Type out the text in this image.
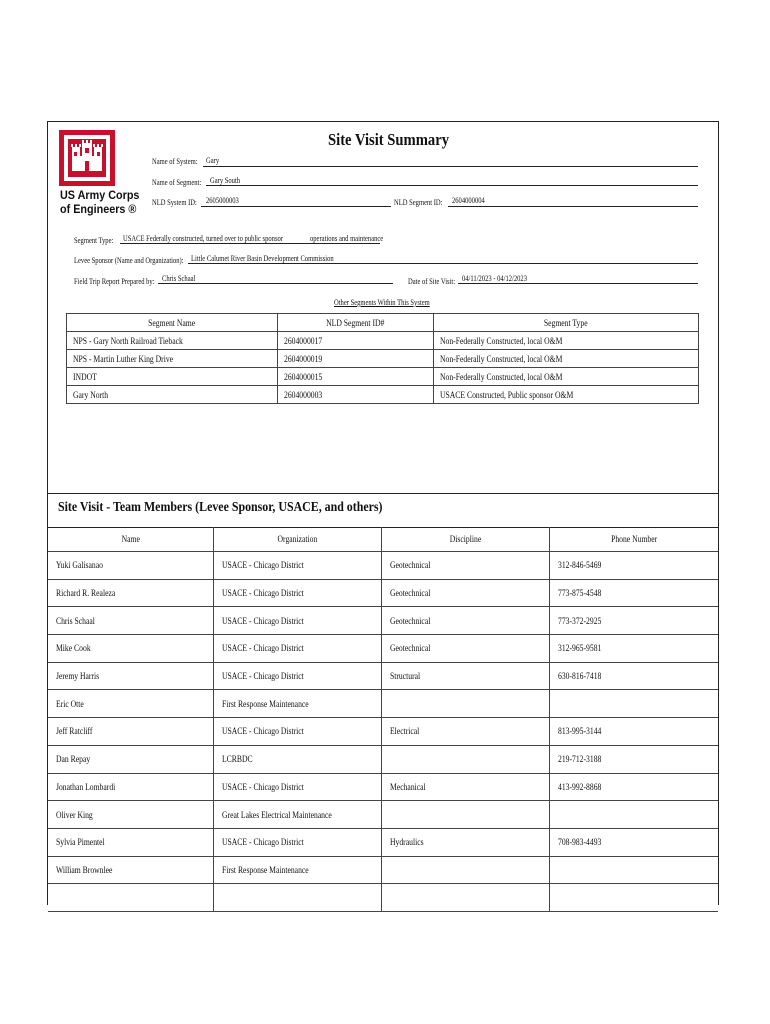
US Army Corps
of Engineers ®
Site Visit Summary
Name of System: Gary
Name of Segment: Gary South
NLD System ID: 2605000003	NLD Segment ID: 2604000004
Segment Type: USACE Federally constructed, turned over to public sponsor	operations and maintenance
Levee Sponsor (Name and Organization): Little Calumet River Basin Development Commission
Field Trip Report Prepared by: Chris Schaal	Date of Site Visit: 04/11/2023 - 04/12/2023
Other Segments Within This System
Segment Name	NLD Segment ID#	Segment Type
NPS - Gary North Railroad Tieback	2604000017	Non-Federally Constructed, local O&M
NPS - Martin Luther King Drive	2604000019	Non-Federally Constructed, local O&M
INDOT	2604000015	Non-Federally Constructed, local O&M
Gary North	2604000003	USACE Constructed, Public sponsor O&M
Site Visit - Team Members (Levee Sponsor, USACE, and others)
Name	Organization	Discipline	Phone Number
Yuki Galisanao	USACE - Chicago District	Geotechnical	312-846-5469
Richard R. Realeza	USACE - Chicago District	Geotechnical	773-875-4548
Chris Schaal	USACE - Chicago District	Geotechnical	773-372-2925
Mike Cook	USACE - Chicago District	Geotechnical	312-965-9581
Jeremy Harris	USACE - Chicago District	Structural	630-816-7418
Eric Otte	First Response Maintenance		
Jeff Ratcliff	USACE - Chicago District	Electrical	813-995-3144
Dan Repay	LCRBDC		219-712-3188
Jonathan Lombardi	USACE - Chicago District	Mechanical	413-992-8868
Oliver King	Great Lakes Electrical Maintenance		
Sylvia Pimentel	USACE - Chicago District	Hydraulics	708-983-4493
William Brownlee	First Response Maintenance		
